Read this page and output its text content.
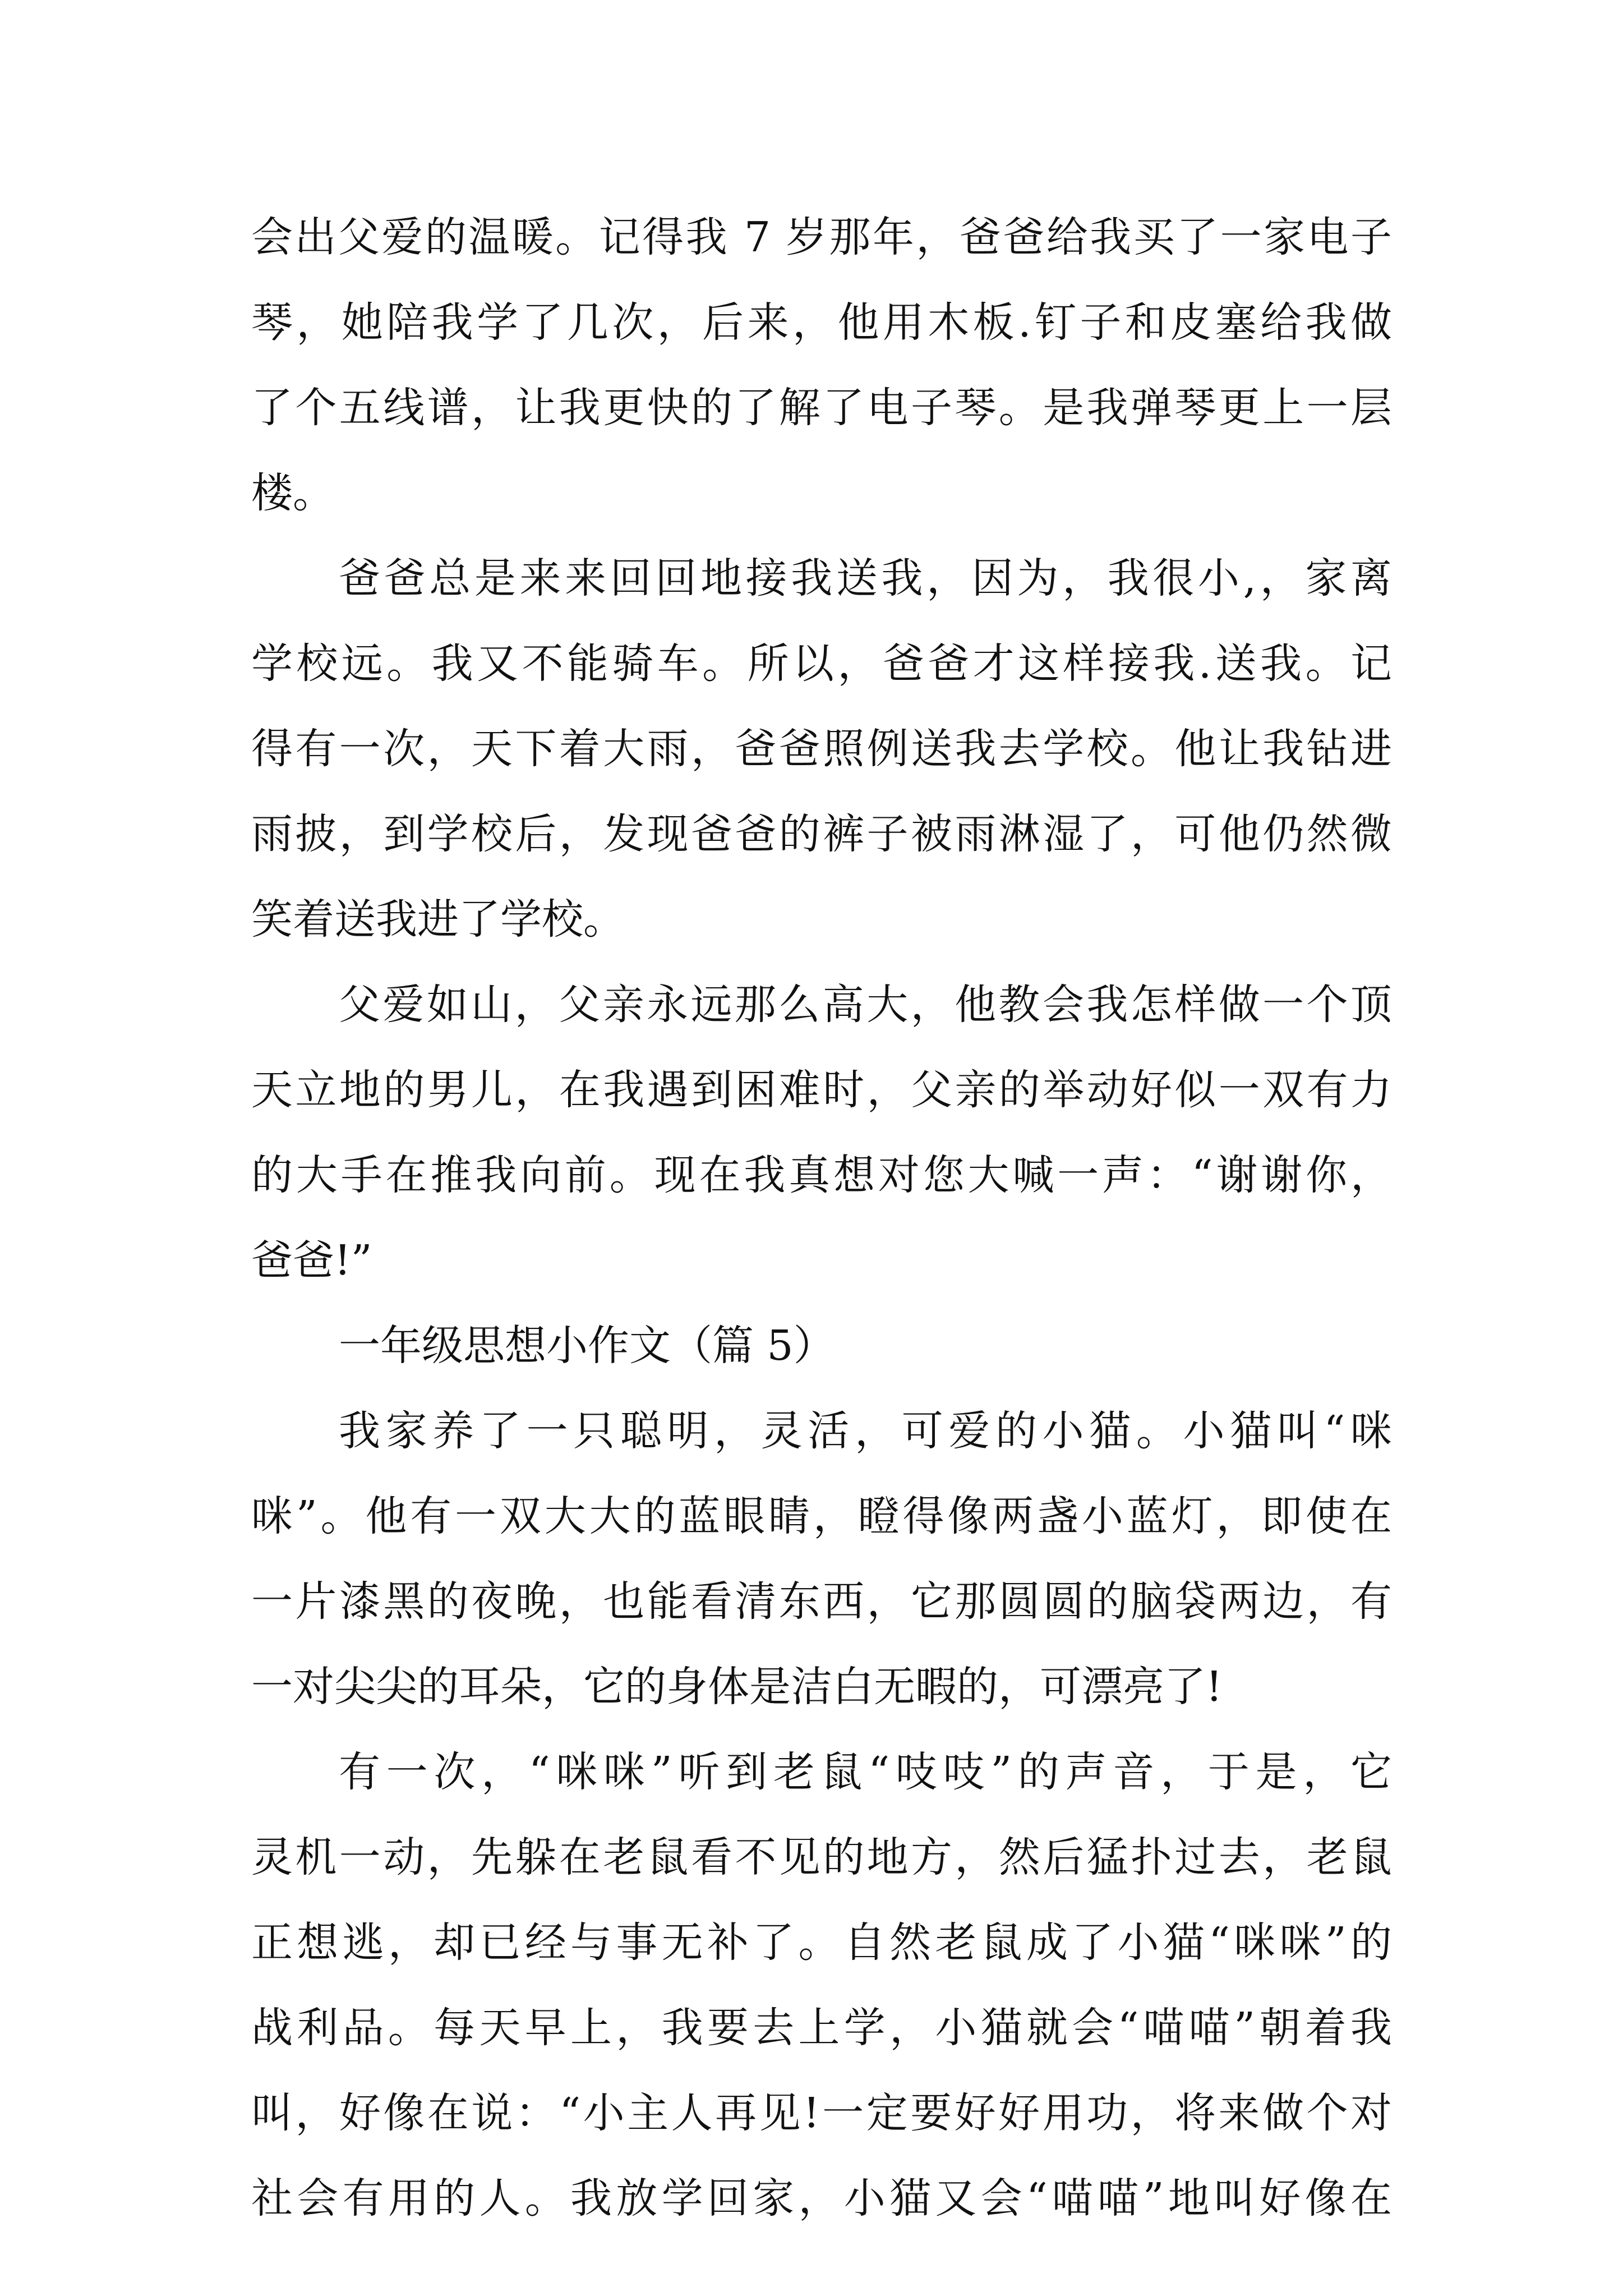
会出父爱的温暖。记得我 7 岁那年，爸爸给我买了一家电子
琴，她陪我学了几次，后来，他用木板.钉子和皮塞给我做
了个五线谱，让我更快的了解了电子琴。是我弹琴更上一层
楼。
爸爸总是来来回回地接我送我，因为，我很小,，家离
学校远。我又不能骑车。所以，爸爸才这样接我.送我。记
得有一次，天下着大雨，爸爸照例送我去学校。他让我钻进
雨披，到学校后，发现爸爸的裤子被雨淋湿了，可他仍然微
笑着送我进了学校。
父爱如山，父亲永远那么高大，他教会我怎样做一个顶
天立地的男儿，在我遇到困难时，父亲的举动好似一双有力
的大手在推我向前。现在我真想对您大喊一声：“谢谢你，
爸爸!”
一年级思想小作文（篇 5）
我家养了一只聪明，灵活，可爱的小猫。小猫叫“咪
咪”。他有一双大大的蓝眼睛，瞪得像两盏小蓝灯，即使在
一片漆黑的夜晚，也能看清东西，它那圆圆的脑袋两边，有
一对尖尖的耳朵，它的身体是洁白无暇的，可漂亮了!
有一次，“咪咪”听到老鼠“吱吱”的声音，于是，它
灵机一动，先躲在老鼠看不见的地方，然后猛扑过去，老鼠
正想逃，却已经与事无补了。自然老鼠成了小猫“咪咪”的
战利品。每天早上，我要去上学，小猫就会“喵喵”朝着我
叫，好像在说：“小主人再见!一定要好好用功，将来做个对
社会有用的人。我放学回家，小猫又会“喵喵”地叫好像在
